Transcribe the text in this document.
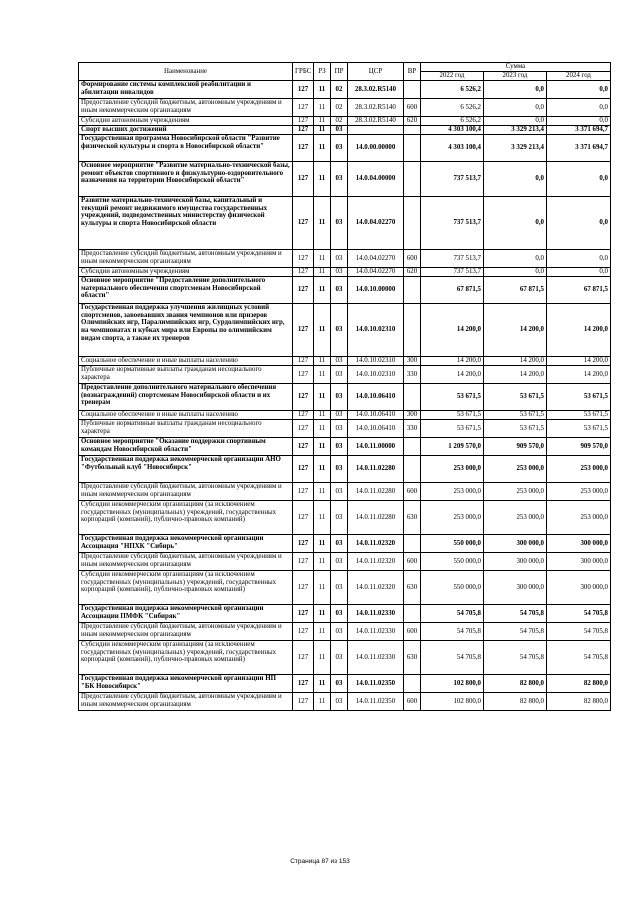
Наименование	ГРБС	РЗ	ПР	ЦСР	ВР	Сумма		
						2022 год	2023 год	2024 год
Формирование системы комплексной реабилитации и абилитации инвалидов	127	11	02	28.3.02.R5140		6 526,2	0,0	0,0
Предоставление субсидий бюджетным, автономным учреждениям и иным некоммерческим организациям	127	11	02	28.3.02.R5140	600	6 526,2	0,0	0,0
Субсидии автономным учреждениям	127	11	02	28.3.02.R5140	620	6 526,2	0,0	0,0
Спорт высших достижений	127	11	03			4 303 100,4	3 329 213,4	3 371 694,7
Государственная программа Новосибирской области "Развитие физической культуры и спорта в Новосибирской области"	127	11	03	14.0.00.00000		4 303 100,4	3 329 213,4	3 371 694,7
Основное мероприятие "Развитие материально-технической базы, ремонт объектов спортивного и физкультурно-оздоровительного назначения на территории Новосибирской области"	127	11	03	14.0.04.00000		737 513,7	0,0	0,0
Развитие материально-технической базы, капитальный и текущий ремонт недвижимого имущества государственных учреждений, подведомственных министерству физической культуры и спорта Новосибирской области	127	11	03	14.0.04.02270		737 513,7	0,0	0,0
Предоставление субсидий бюджетным, автономным учреждениям и иным некоммерческим организациям	127	11	03	14.0.04.02270	600	737 513,7	0,0	0,0
Субсидии автономным учреждениям	127	11	03	14.0.04.02270	620	737 513,7	0,0	0,0
Основное мероприятие "Предоставление дополнительного материального обеспечения спортсменам Новосибирской области"	127	11	03	14.0.10.00000		67 871,5	67 871,5	67 871,5
Государственная поддержка улучшения жилищных условий спортсменов, завоевавших звания чемпионов или призеров Олимпийских игр, Паралимпийских игр, Сурдолимпийских игр, на чемпионатах и кубках мира или Европы по олимпийским видам спорта, а также их тренеров	127	11	03	14.0.10.02310		14 200,0	14 200,0	14 200,0
Социальное обеспечение и иные выплаты населению	127	11	03	14.0.10.02310	300	14 200,0	14 200,0	14 200,0
Публичные нормативные выплаты гражданам несоциального характера	127	11	03	14.0.10.02310	330	14 200,0	14 200,0	14 200,0
Предоставление дополнительного материального обеспечения (вознаграждений) спортсменам Новосибирской области и их тренерам	127	11	03	14.0.10.06410		53 671,5	53 671,5	53 671,5
Социальное обеспечение и иные выплаты населению	127	11	03	14.0.10.06410	300	53 671,5	53 671,5	53 671,5
Публичные нормативные выплаты гражданам несоциального характера	127	11	03	14.0.10.06410	330	53 671,5	53 671,5	53 671,5
Основное мероприятие "Оказание поддержки спортивным командам Новосибирской области"	127	11	03	14.0.11.00000		1 209 570,0	909 570,0	909 570,0
Государственная поддержка некоммерческой организации АНО "Футбольный клуб "Новосибирск"	127	11	03	14.0.11.02280		253 000,0	253 000,0	253 000,0
Предоставление субсидий бюджетным, автономным учреждениям и иным некоммерческим организациям	127	11	03	14.0.11.02280	600	253 000,0	253 000,0	253 000,0
Субсидии некоммерческим организациям (за исключением государственных (муниципальных) учреждений, государственных корпораций (компаний), публично-правовых компаний)	127	11	03	14.0.11.02280	630	253 000,0	253 000,0	253 000,0
Государственная поддержка некоммерческой организации Ассоциация "НПХК "Сибирь"	127	11	03	14.0.11.02320		550 000,0	300 000,0	300 000,0
Предоставление субсидий бюджетным, автономным учреждениям и иным некоммерческим организациям	127	11	03	14.0.11.02320	600	550 000,0	300 000,0	300 000,0
Субсидии некоммерческим организациям (за исключением государственных (муниципальных) учреждений, государственных корпораций (компаний), публично-правовых компаний)	127	11	03	14.0.11.02320	630	550 000,0	300 000,0	300 000,0
Государственная поддержка некоммерческой организации Ассоциации ПМФК "Сибиряк"	127	11	03	14.0.11.02330		54 705,8	54 705,8	54 705,8
Предоставление субсидий бюджетным, автономным учреждениям и иным некоммерческим организациям	127	11	03	14.0.11.02330	600	54 705,8	54 705,8	54 705,8
Субсидии некоммерческим организациям (за исключением государственных (муниципальных) учреждений, государственных корпораций (компаний), публично-правовых компаний)	127	11	03	14.0.11.02330	630	54 705,8	54 705,8	54 705,8
Государственная поддержка некоммерческой организации НП "БК Новосибирск"	127	11	03	14.0.11.02350		102 800,0	82 800,0	82 800,0
Предоставление субсидий бюджетным, автономным учреждениям и иным некоммерческим организациям	127	11	03	14.0.11.02350	600	102 800,0	82 800,0	82 800,0
Страница 87 из 153
